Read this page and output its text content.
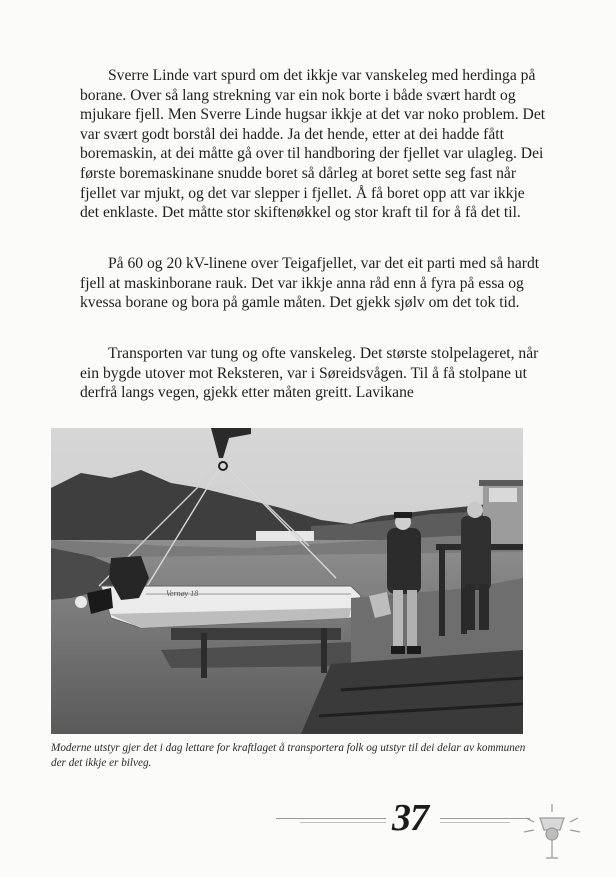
Sverre Linde vart spurd om det ikkje var vanskeleg med herdinga på borane. Over så lang strekning var ein nok borte i både svært hardt og mjukare fjell. Men Sverre Linde hugsar ikkje at det var noko problem. Det var svært godt borstål dei hadde. Ja det hende, etter at dei hadde fått boremaskin, at dei måtte gå over til handboring der fjellet var ulagleg. Dei første boremaskinane snudde boret så dårleg at boret sette seg fast når fjellet var mjukt, og det var slepper i fjellet. Å få boret opp att var ikkje det enklaste. Det måtte stor skiftenøkkel og stor kraft til for å få det til.

På 60 og 20 kV-linene over Teigafjellet, var det eit parti med så hardt fjell at maskinborane rauk. Det var ikkje anna råd enn å fyra på essa og kvessa borane og bora på gamle måten. Det gjekk sjølv om det tok tid.

Transporten var tung og ofte vanskeleg. Det største stolpelageret, når ein bygde utover mot Reksteren, var i Søreidsvågen. Til å få stolpane ut derfrå langs vegen, gjekk etter måten greitt. Lavikane

Vernøy 18
Moderne utstyr gjer det i dag lettare for kraftlaget å transportera folk og utstyr til dei delar av kommunen der det ikkje er bilveg.
37
